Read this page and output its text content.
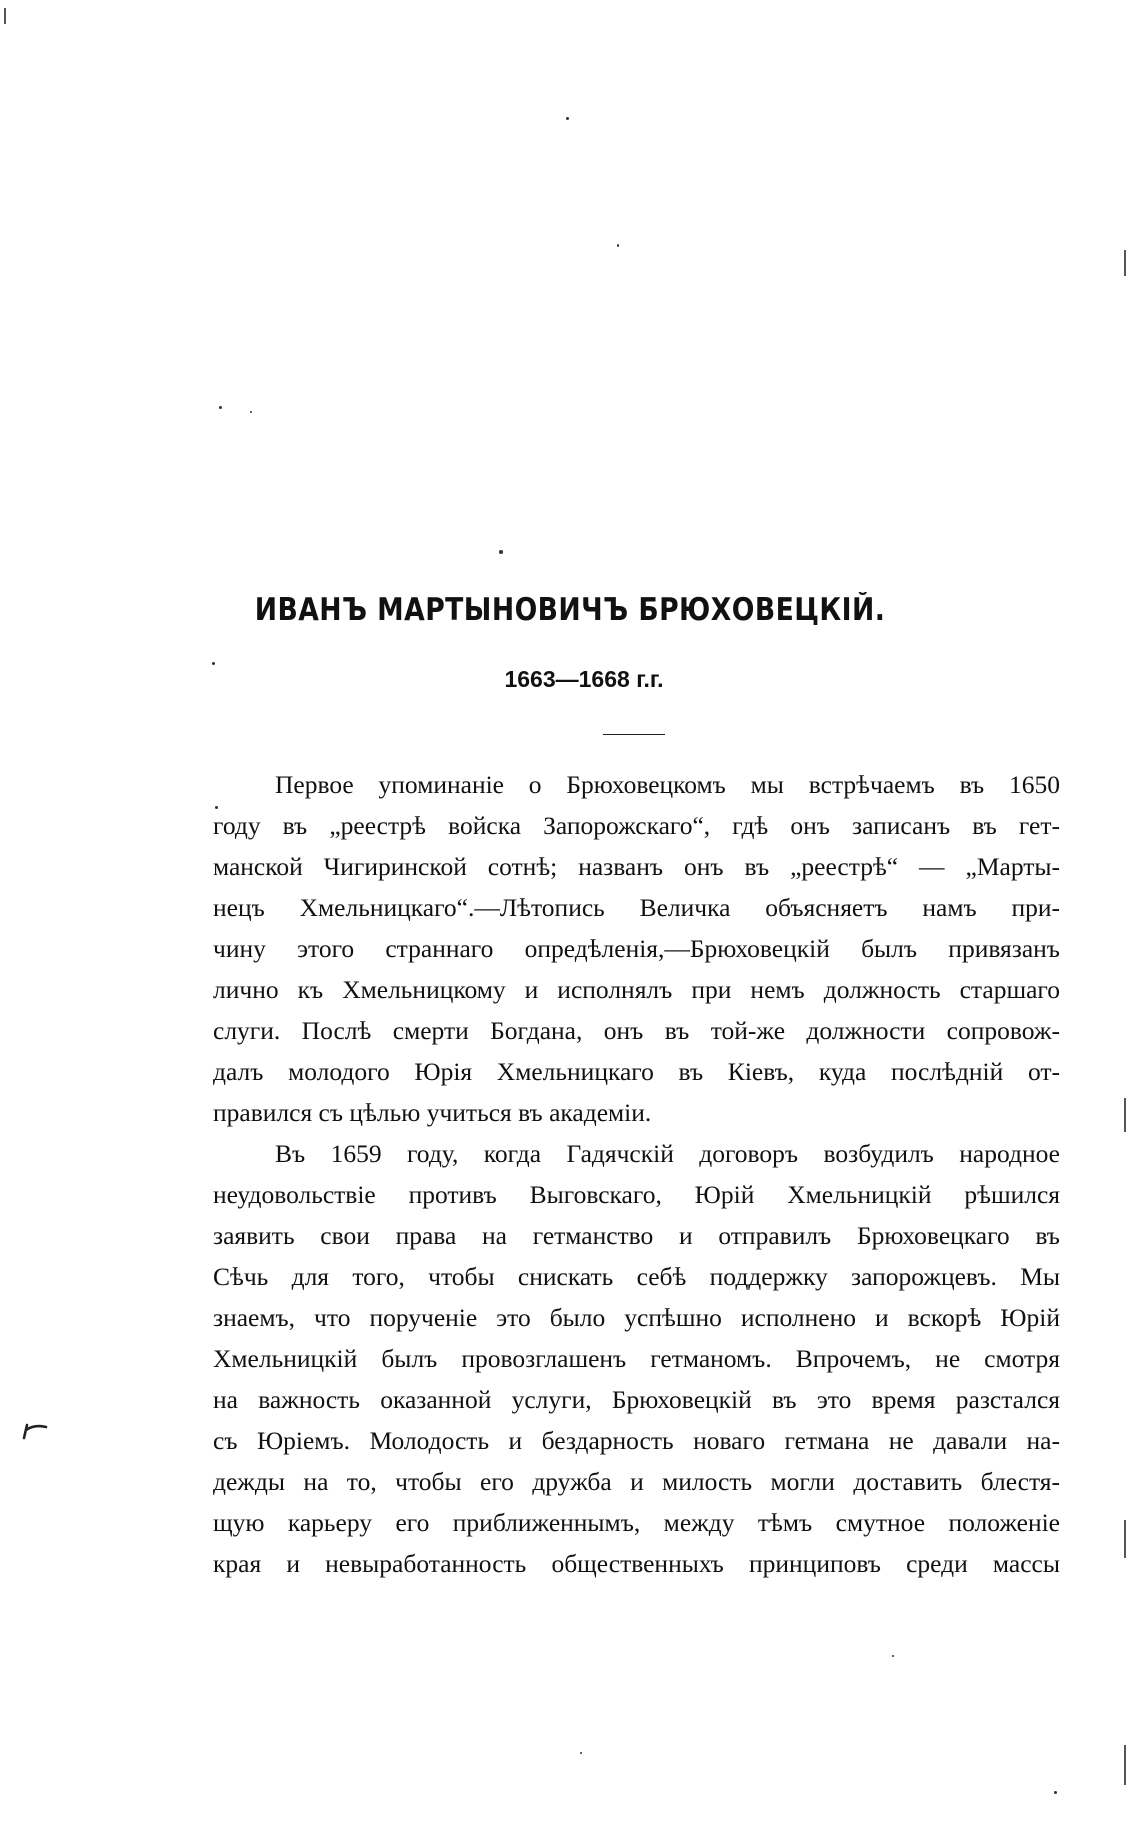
ИВАНЪ МАРТЫНОВИЧЪ БРЮХОВЕЦКІЙ.
1663—1668 г.г.
Первое упоминаніе о Брюховецкомъ мы встрѣчаемъ въ 1650
году въ „реестрѣ войска Запорожскаго“, гдѣ онъ записанъ въ гет-
манской Чигиринской сотнѣ; названъ онъ въ „реестрѣ“ — „Марты-
нецъ Хмельницкаго“.—Лѣтопись Величка объясняетъ намъ при-
чину этого страннаго опредѣленія,—Брюховецкій былъ привязанъ
лично къ Хмельницкому и исполнялъ при немъ должность старшаго
слуги. Послѣ смерти Богдана, онъ въ той-же должности сопровож-
далъ молодого Юрія Хмельницкаго въ Кіевъ, куда послѣдній от-
правился съ цѣлью учиться въ академіи.
Въ 1659 году, когда Гадячскій договоръ возбудилъ народное
неудовольствіе противъ Выговскаго, Юрій Хмельницкій рѣшился
заявить свои права на гетманство и отправилъ Брюховецкаго въ
Сѣчь для того, чтобы снискать себѣ поддержку запорожцевъ. Мы
знаемъ, что порученіе это было успѣшно исполнено и вскорѣ Юрій
Хмельницкій былъ провозглашенъ гетманомъ. Впрочемъ, не смотря
на важность оказанной услуги, Брюховецкій въ это время разстался
съ Юріемъ. Молодость и бездарность новаго гетмана не давали на-
дежды на то, чтобы его дружба и милость могли доставить блестя-
щую карьеру его приближеннымъ, между тѣмъ смутное положеніе
края и невыработанность общественныхъ принциповъ среди массы
